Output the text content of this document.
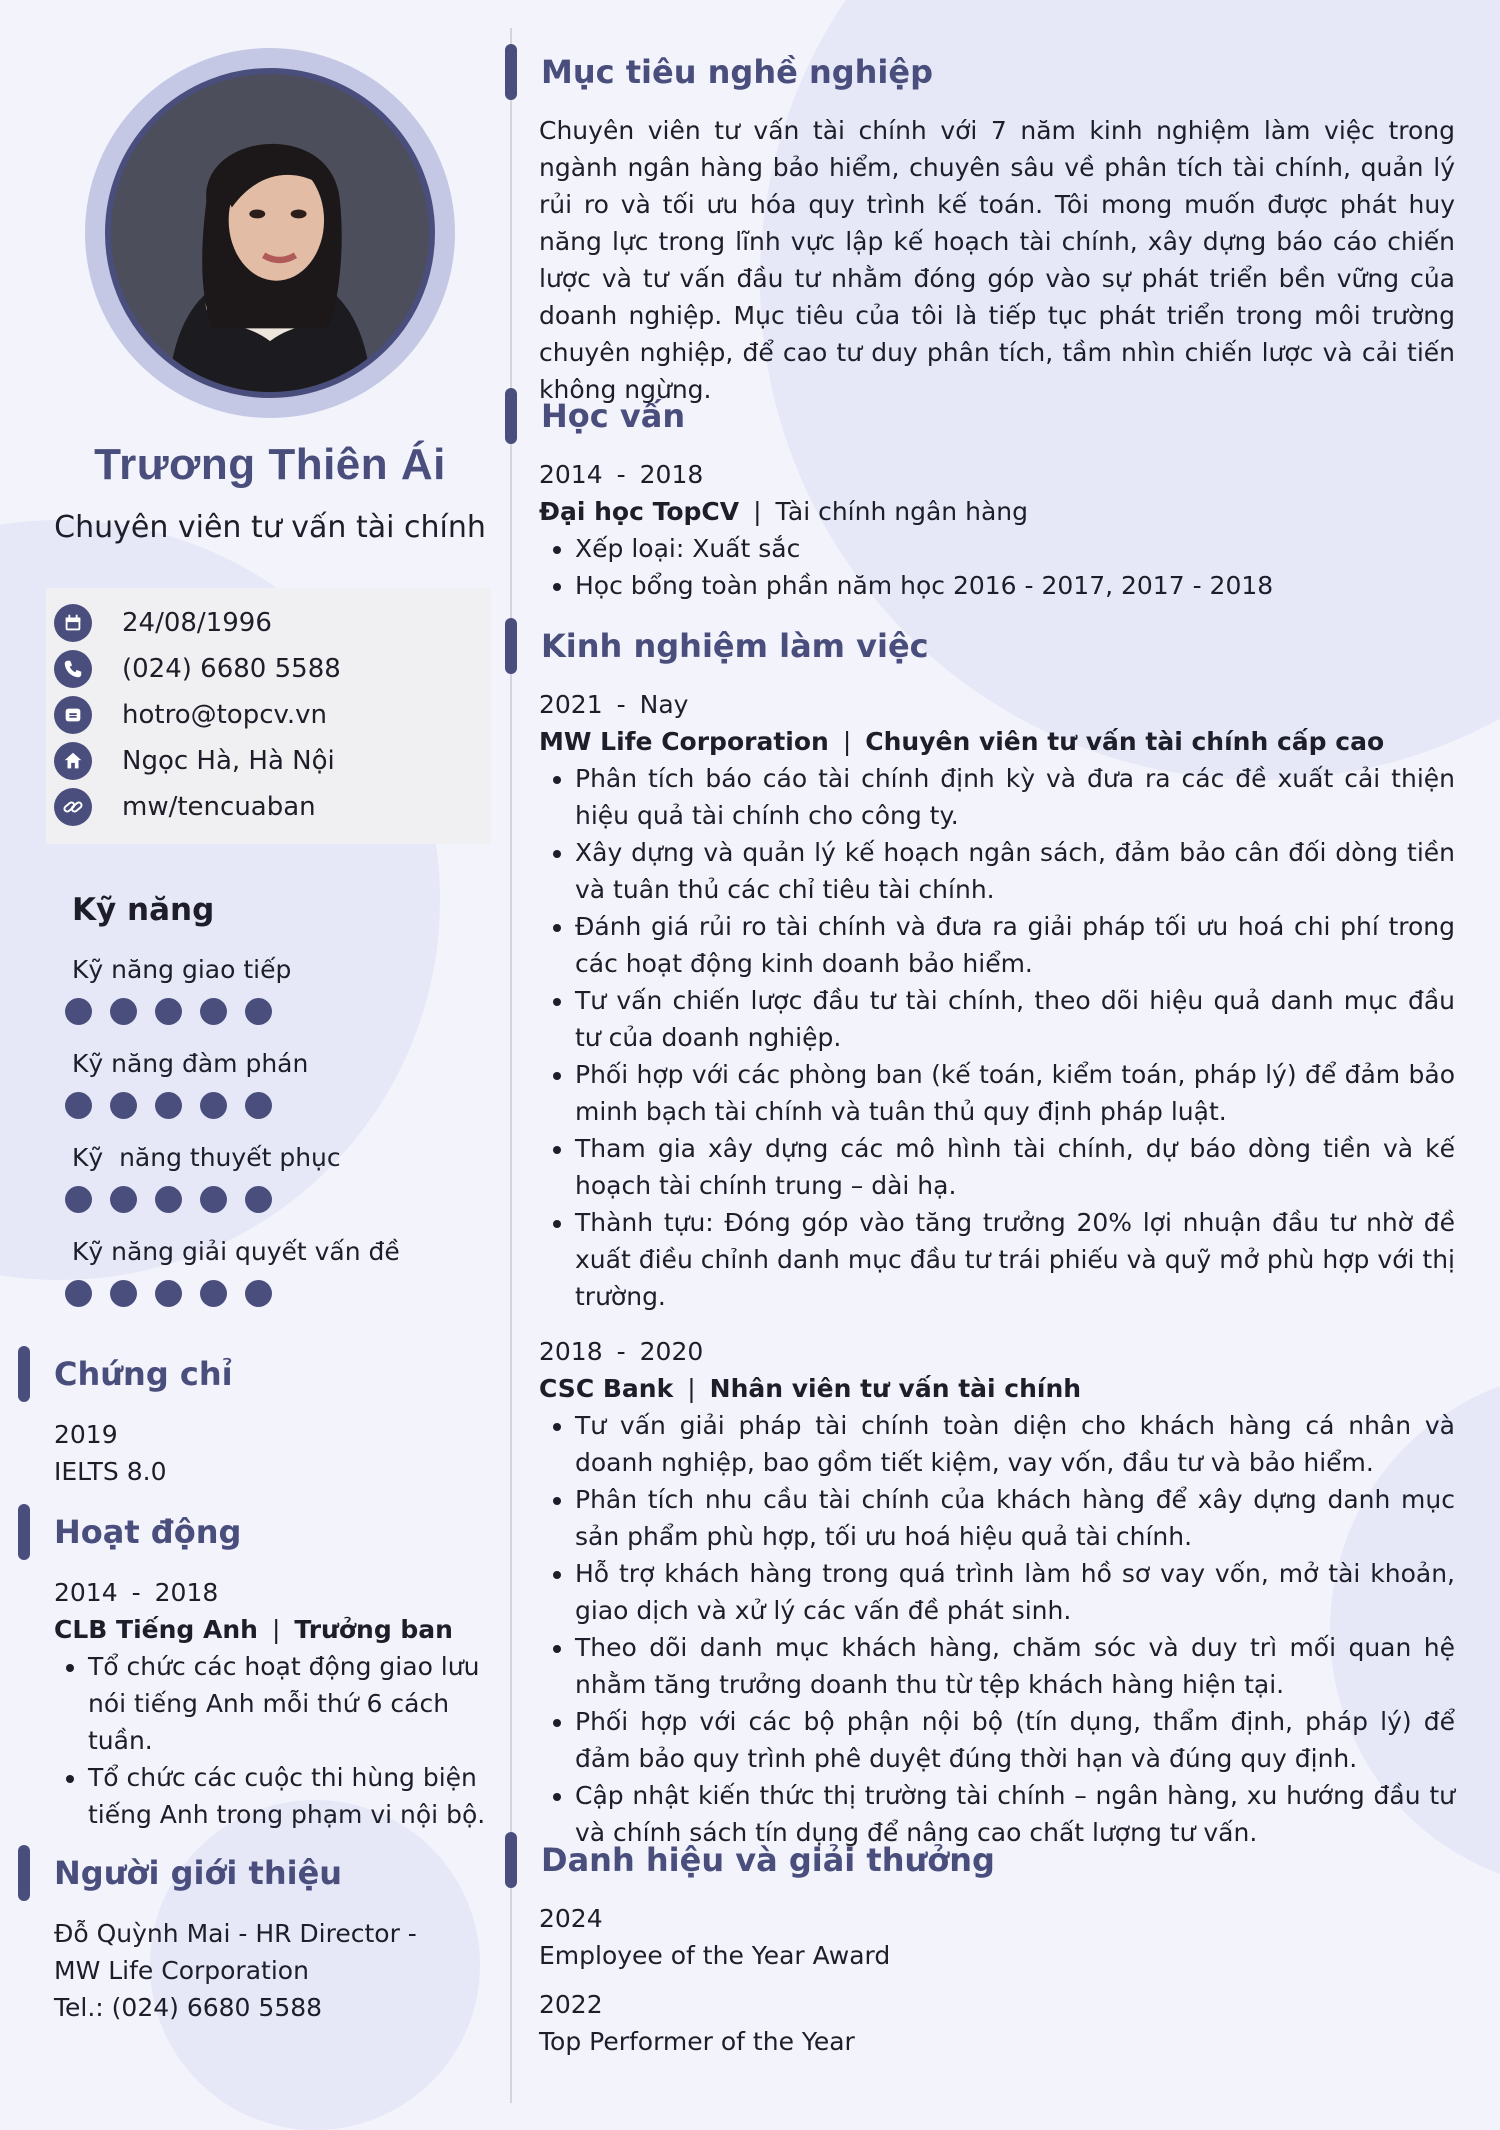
Trương Thiên Ái
Chuyên viên tư vấn tài chính
24/08/1996
(024) 6680 5588
hotro@topcv.vn
Ngọc Hà, Hà Nội
mw/tencuaban
Kỹ năng
Kỹ năng giao tiếp
Kỹ năng đàm phán
Kỹ  năng thuyết phục
Kỹ năng giải quyết vấn đề
Chứng chỉ
2019
IELTS 8.0
Hoạt động
2014 - 2018
CLB Tiếng Anh | Trưởng ban
• Tổ chức các hoạt động giao lưu nói tiếng Anh mỗi thứ 6 cách tuần.
• Tổ chức các cuộc thi hùng biện tiếng Anh trong phạm vi nội bộ.
Người giới thiệu
Đỗ Quỳnh Mai - HR Director -
MW Life Corporation
Tel.: (024) 6680 5588
Mục tiêu nghề nghiệp

Chuyên viên tư vấn tài chính với 7 năm kinh nghiệm làm việc trong ngành ngân hàng bảo hiểm, chuyên sâu về phân tích tài chính, quản lý rủi ro và tối ưu hóa quy trình kế toán. Tôi mong muốn được phát huy năng lực trong lĩnh vực lập kế hoạch tài chính, xây dựng báo cáo chiến lược và tư vấn đầu tư nhằm đóng góp vào sự phát triển bền vững của doanh nghiệp. Mục tiêu của tôi là tiếp tục phát triển trong môi trường chuyên nghiệp, để cao tư duy phân tích, tầm nhìn chiến lược và cải tiến không ngừng.

Học vấn
2014 - 2018
Đại học TopCV | Tài chính ngân hàng
• Xếp loại: Xuất sắc
• Học bổng toàn phần năm học 2016 - 2017, 2017 - 2018
Kinh nghiệm làm việc
2021 - Nay
MW Life Corporation | Chuyên viên tư vấn tài chính cấp cao
• Phân tích báo cáo tài chính định kỳ và đưa ra các đề xuất cải thiện hiệu quả tài chính cho công ty.
• Xây dựng và quản lý kế hoạch ngân sách, đảm bảo cân đối dòng tiền và tuân thủ các chỉ tiêu tài chính.
• Đánh giá rủi ro tài chính và đưa ra giải pháp tối ưu hoá chi phí trong các hoạt động kinh doanh bảo hiểm.
• Tư vấn chiến lược đầu tư tài chính, theo dõi hiệu quả danh mục đầu tư của doanh nghiệp.
• Phối hợp với các phòng ban (kế toán, kiểm toán, pháp lý) để đảm bảo minh bạch tài chính và tuân thủ quy định pháp luật.
• Tham gia xây dựng các mô hình tài chính, dự báo dòng tiền và kế hoạch tài chính trung – dài hạ.
• Thành tựu: Đóng góp vào tăng trưởng 20% lợi nhuận đầu tư nhờ đề xuất điều chỉnh danh mục đầu tư trái phiếu và quỹ mở phù hợp với thị trường.
2018 - 2020
CSC Bank | Nhân viên tư vấn tài chính
• Tư vấn giải pháp tài chính toàn diện cho khách hàng cá nhân và doanh nghiệp, bao gồm tiết kiệm, vay vốn, đầu tư và bảo hiểm.
• Phân tích nhu cầu tài chính của khách hàng để xây dựng danh mục sản phẩm phù hợp, tối ưu hoá hiệu quả tài chính.
• Hỗ trợ khách hàng trong quá trình làm hồ sơ vay vốn, mở tài khoản, giao dịch và xử lý các vấn đề phát sinh.
• Theo dõi danh mục khách hàng, chăm sóc và duy trì mối quan hệ nhằm tăng trưởng doanh thu từ tệp khách hàng hiện tại.
• Phối hợp với các bộ phận nội bộ (tín dụng, thẩm định, pháp lý) để đảm bảo quy trình phê duyệt đúng thời hạn và đúng quy định.
• Cập nhật kiến thức thị trường tài chính – ngân hàng, xu hướng đầu tư và chính sách tín dụng để nâng cao chất lượng tư vấn.
Danh hiệu và giải thưởng
2024
Employee of the Year Award
2022
Top Performer of the Year
